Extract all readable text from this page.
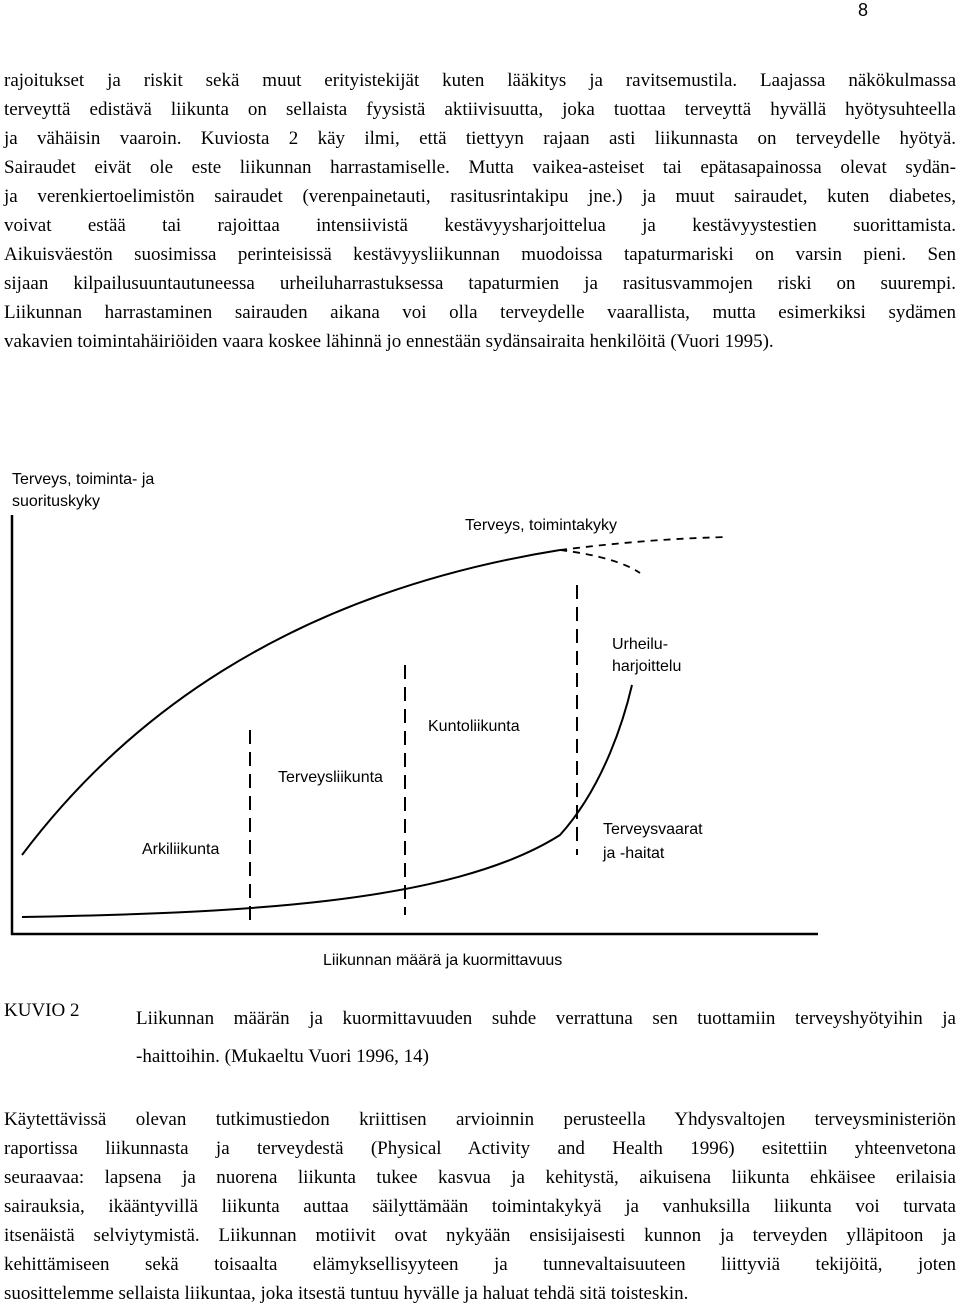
8
rajoitukset ja riskit sekä muut erityistekijät kuten lääkitys ja ravitsemustila. Laajassa näkökulmassa
terveyttä edistävä liikunta on sellaista fyysistä aktiivisuutta, joka tuottaa terveyttä hyvällä hyötysuhteella
ja vähäisin vaaroin. Kuviosta 2 käy ilmi, että tiettyyn rajaan asti liikunnasta on terveydelle hyötyä.
Sairaudet eivät ole este liikunnan harrastamiselle. Mutta vaikea-asteiset tai epätasapainossa olevat sydän-
ja verenkiertoelimistön sairaudet (verenpainetauti, rasitusrintakipu jne.) ja muut sairaudet, kuten diabetes,
voivat estää tai rajoittaa intensiivistä kestävyysharjoittelua ja kestävyystestien suorittamista.
Aikuisväestön suosimissa perinteisissä kestävyysliikunnan muodoissa tapaturmariski on varsin pieni. Sen
sijaan kilpailusuuntautuneessa urheiluharrastuksessa tapaturmien ja rasitusvammojen riski on suurempi.
Liikunnan harrastaminen sairauden aikana voi olla terveydelle vaarallista, mutta esimerkiksi sydämen
vakavien toimintahäiriöiden vaara koskee lähinnä jo ennestään sydänsairaita henkilöitä (Vuori 1995).
Terveys, toiminta- ja
suorituskyky
Terveys, toimintakyky
Urheilu-
harjoittelu
Kuntoliikunta
Terveysliikunta
Arkiliikunta
Terveysvaarat
ja -haitat
Liikunnan määrä ja kuormittavuus
KUVIO 2	Liikunnan määrän ja kuormittavuuden suhde verrattuna sen tuottamiin terveyshyötyihin ja
-haittoihin. (Mukaeltu Vuori 1996, 14)
Käytettävissä olevan tutkimustiedon kriittisen arvioinnin perusteella Yhdysvaltojen terveysministeriön
raportissa liikunnasta ja terveydestä (Physical Activity and Health 1996) esitettiin yhteenvetona
seuraavaa: lapsena ja nuorena liikunta tukee kasvua ja kehitystä, aikuisena liikunta ehkäisee erilaisia
sairauksia, ikääntyvillä liikunta auttaa säilyttämään toimintakykyä ja vanhuksilla liikunta voi turvata
itsenäistä selviytymistä. Liikunnan motiivit ovat nykyään ensisijaisesti kunnon ja terveyden ylläpitoon ja
kehittämiseen sekä toisaalta elämyksellisyyteen ja tunnevaltaisuuteen liittyviä tekijöitä, joten
suosittelemme sellaista liikuntaa, joka itsestä tuntuu hyvälle ja haluat tehdä sitä toisteskin.
